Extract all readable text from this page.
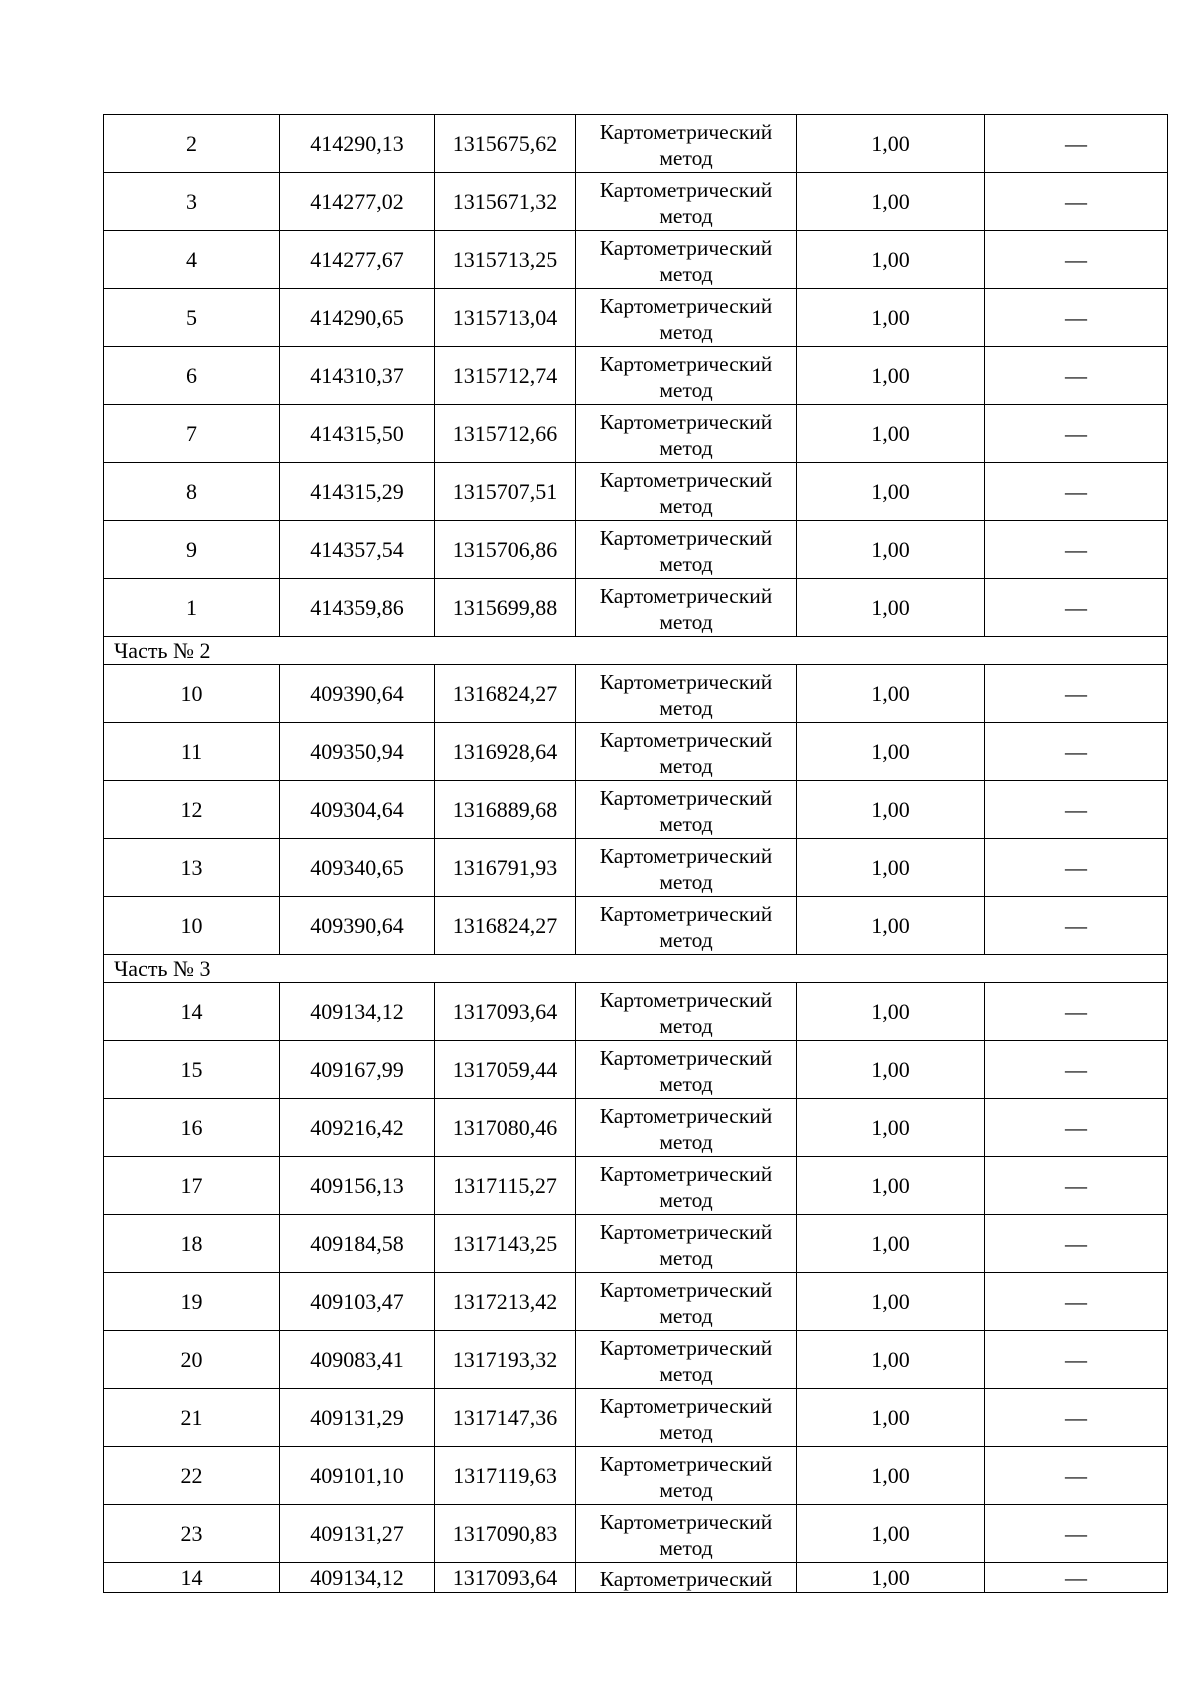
2	414290,13	1315675,62	Картометрический метод	1,00	—
3	414277,02	1315671,32	Картометрический метод	1,00	—
4	414277,67	1315713,25	Картометрический метод	1,00	—
5	414290,65	1315713,04	Картометрический метод	1,00	—
6	414310,37	1315712,74	Картометрический метод	1,00	—
7	414315,50	1315712,66	Картометрический метод	1,00	—
8	414315,29	1315707,51	Картометрический метод	1,00	—
9	414357,54	1315706,86	Картометрический метод	1,00	—
1	414359,86	1315699,88	Картометрический метод	1,00	—
Часть № 2					
10	409390,64	1316824,27	Картометрический метод	1,00	—
11	409350,94	1316928,64	Картометрический метод	1,00	—
12	409304,64	1316889,68	Картометрический метод	1,00	—
13	409340,65	1316791,93	Картометрический метод	1,00	—
10	409390,64	1316824,27	Картометрический метод	1,00	—
Часть № 3					
14	409134,12	1317093,64	Картометрический метод	1,00	—
15	409167,99	1317059,44	Картометрический метод	1,00	—
16	409216,42	1317080,46	Картометрический метод	1,00	—
17	409156,13	1317115,27	Картометрический метод	1,00	—
18	409184,58	1317143,25	Картометрический метод	1,00	—
19	409103,47	1317213,42	Картометрический метод	1,00	—
20	409083,41	1317193,32	Картометрический метод	1,00	—
21	409131,29	1317147,36	Картометрический метод	1,00	—
22	409101,10	1317119,63	Картометрический метод	1,00	—
23	409131,27	1317090,83	Картометрический метод	1,00	—
14	409134,12	1317093,64	Картометрический	1,00	—
